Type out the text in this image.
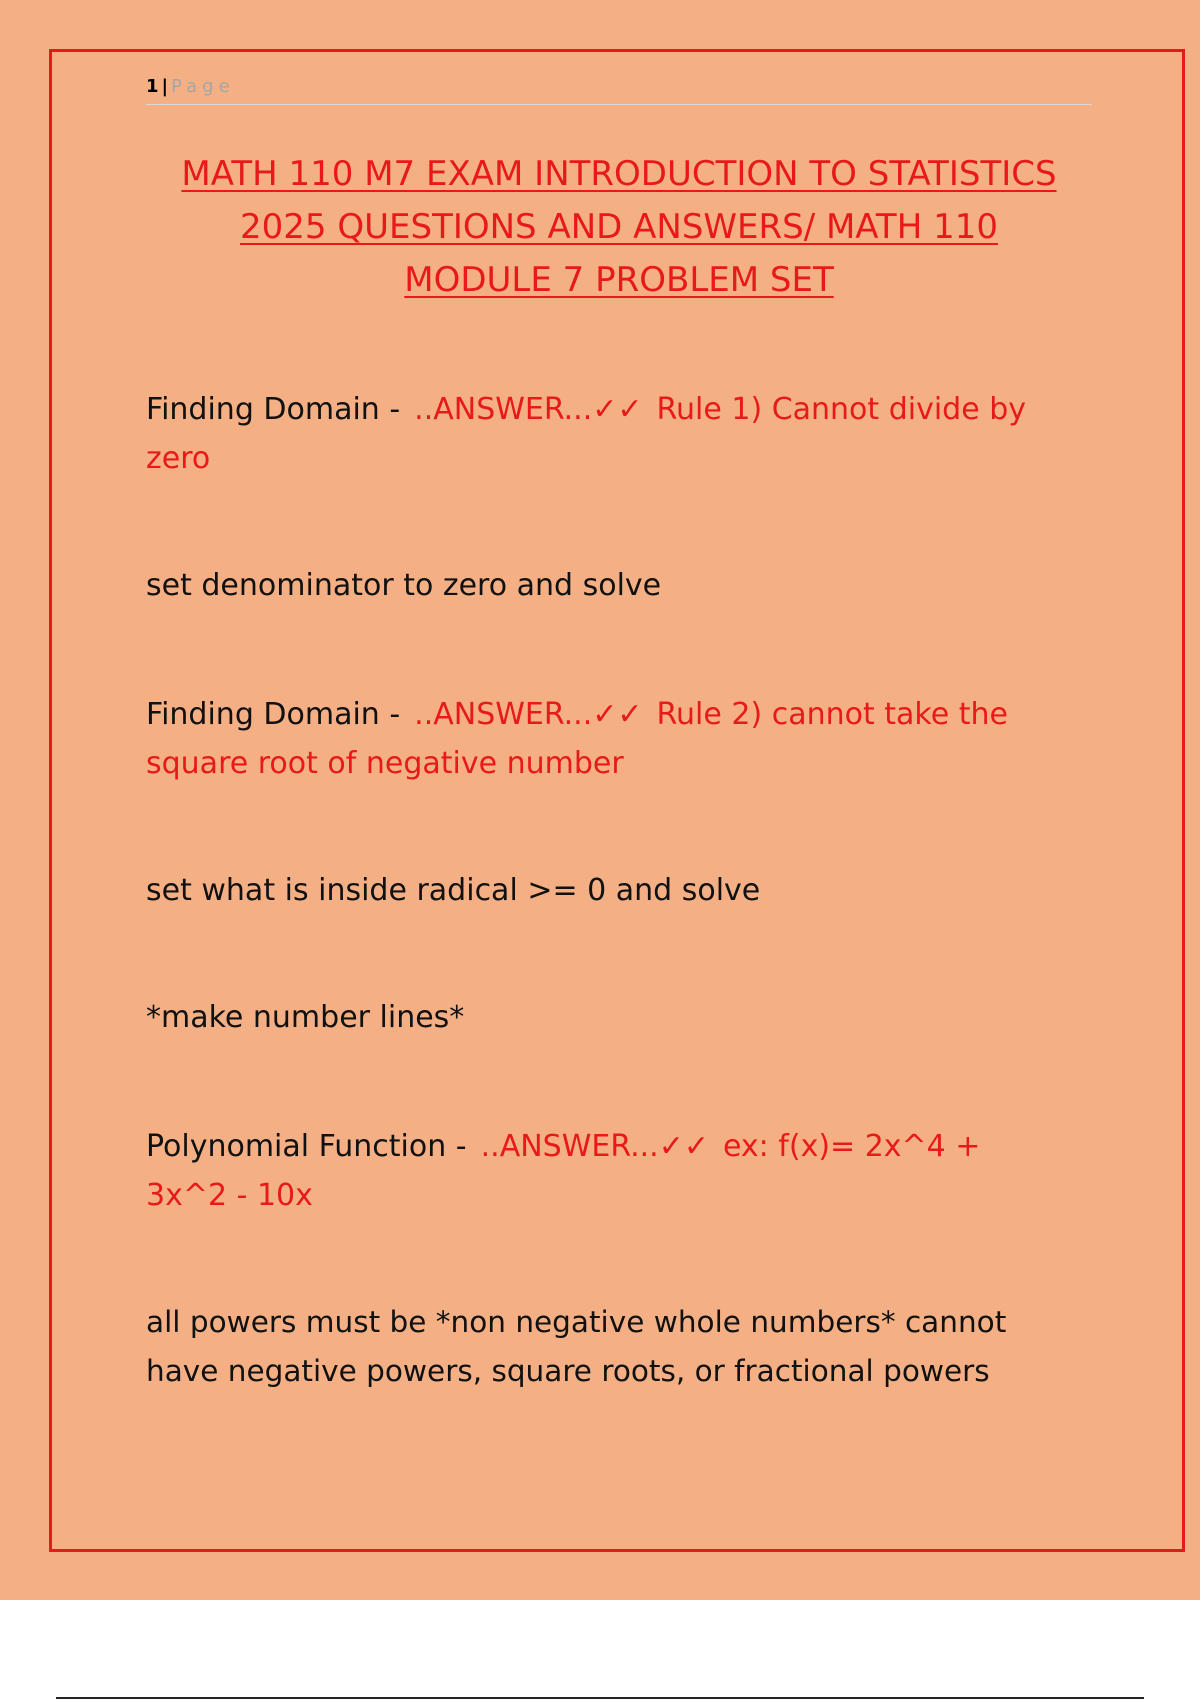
1 | Page
MATH 110 M7 EXAM INTRODUCTION TO STATISTICS
2025 QUESTIONS AND ANSWERS/ MATH 110
MODULE 7 PROBLEM SET
Finding Domain - ..ANSWER...✓✓ Rule 1) Cannot divide by
zero

set denominator to zero and solve

Finding Domain - ..ANSWER...✓✓ Rule 2) cannot take the
square root of negative number

set what is inside radical >= 0 and solve

*make number lines*

Polynomial Function - ..ANSWER...✓✓ ex: f(x)= 2x^4 +
3x^2 - 10x
all powers must be *non negative whole numbers* cannot
have negative powers, square roots, or fractional powers
